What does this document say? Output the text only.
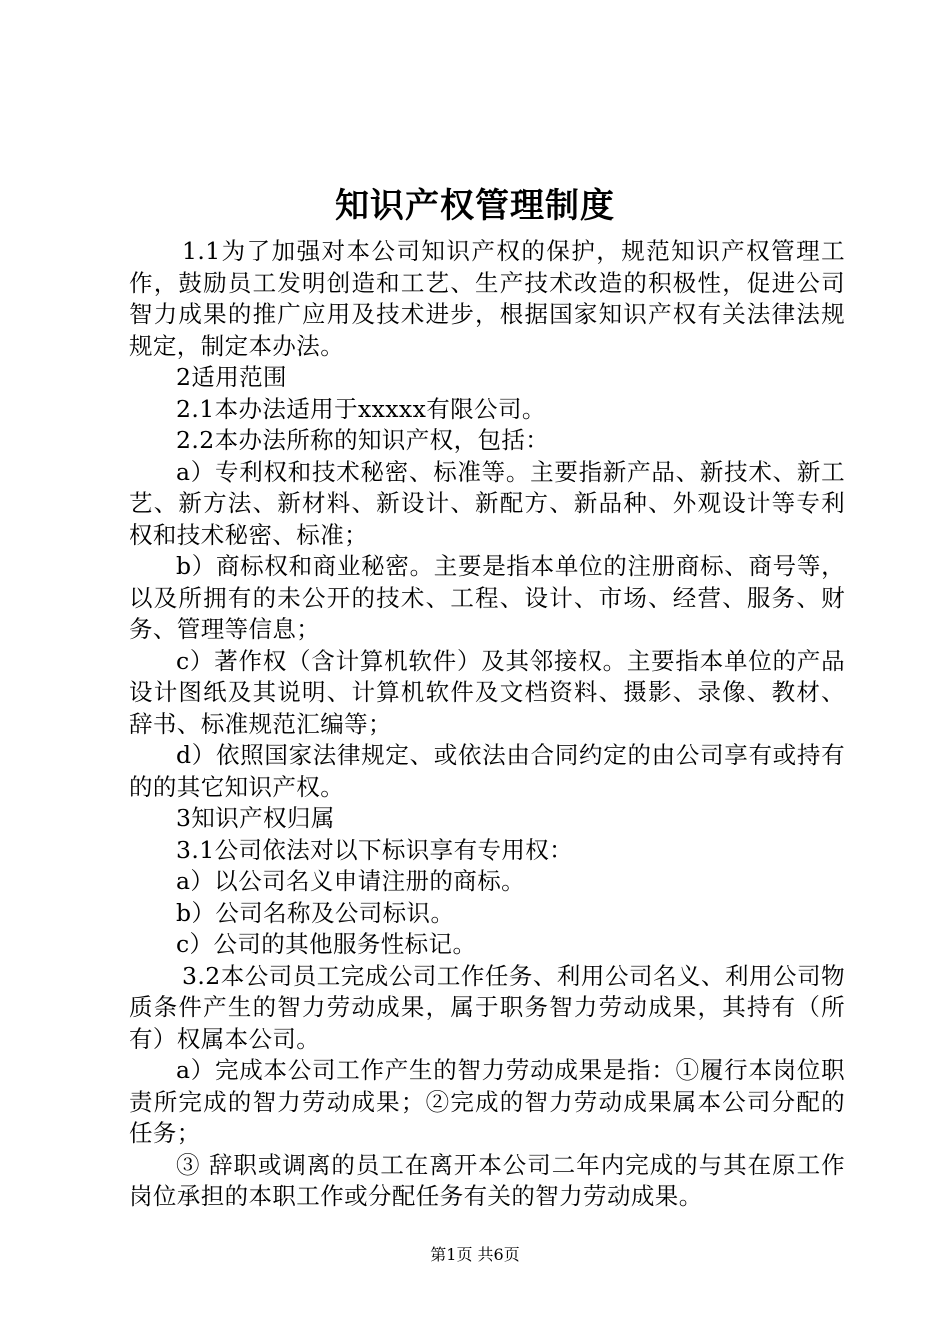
知识产权管理制度

1.1为了加强对本公司知识产权的保护，规范知识产权管理工作，鼓励员工发明创造和工艺、生产技术改造的积极性，促进公司智力成果的推广应用及技术进步，根据国家知识产权有关法律法规规定，制定本办法。

2适用范围

2.1本办法适用于xxxxx有限公司。

2.2本办法所称的知识产权，包括：

a）专利权和技术秘密、标准等。主要指新产品、新技术、新工艺、新方法、新材料、新设计、新配方、新品种、外观设计等专利权和技术秘密、标准；

b）商标权和商业秘密。主要是指本单位的注册商标、商号等，以及所拥有的未公开的技术、工程、设计、市场、经营、服务、财务、管理等信息；

c）著作权（含计算机软件）及其邻接权。主要指本单位的产品设计图纸及其说明、计算机软件及文档资料、摄影、录像、教材、辞书、标准规范汇编等；

d）依照国家法律规定、或依法由合同约定的由公司享有或持有的的其它知识产权。

3知识产权归属

3.1公司依法对以下标识享有专用权：

a）以公司名义申请注册的商标。

b）公司名称及公司标识。

c）公司的其他服务性标记。

3.2本公司员工完成公司工作任务、利用公司名义、利用公司物质条件产生的智力劳动成果，属于职务智力劳动成果，其持有（所有）权属本公司。

a）完成本公司工作产生的智力劳动成果是指：①履行本岗位职责所完成的智力劳动成果；②完成的智力劳动成果属本公司分配的任务；

③ 辞职或调离的员工在离开本公司二年内完成的与其在原工作岗位承担的本职工作或分配任务有关的智力劳动成果。

第1页 共6页
